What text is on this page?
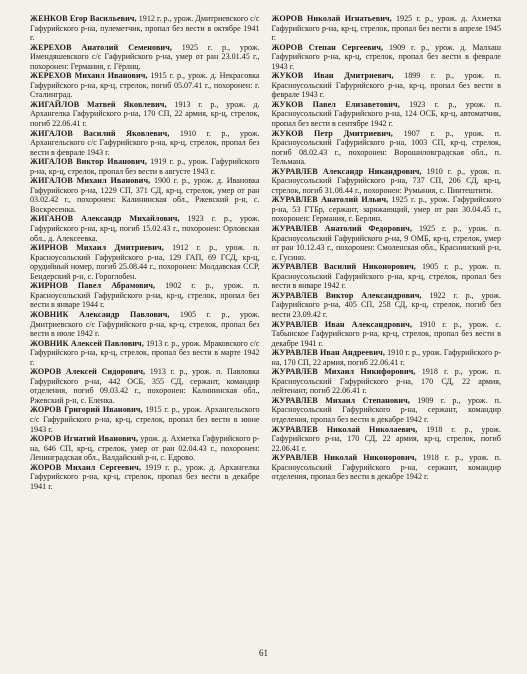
ЖЕНКОВ Егор Васильевич, 1912 г. р., урож. Дмитриевского с/с Гафурийского р-на, пулеметчик, пропал без вести в октябре 1941 г.

ЖЕРЕХОВ Анатолий Семенович, 1925 г. р., урож. Имендяшевского с/с Гафурийского р-на, умер от ран 23.01.45 г., похоронен: Германия, г. Гёрлиц.

ЖЕРЕХОВ Михаил Иванович, 1915 г. р., урож. д. Некрасовка Гафурийского р-на, кр-ц, стрелок, погиб 05.07.41 г., похоронен: г. Сталинград.

ЖИГАЙЛОВ Матвей Яковлевич, 1913 г. р., урож. д. Архангелка Гафурийского р-на, 170 СП, 22 армия, кр-ц, стрелок, погиб 22.06.41 г.

ЖИГАЛОВ Василий Яковлевич, 1910 г. р., урож. Архангельского с/с Гафурийского р-на, кр-ц, стрелок, пропал без вести в феврале 1943 г.

ЖИГАЛОВ Виктор Иванович, 1919 г. р., урож. Гафурийского р-на, кр-ц, стрелок, пропал без вести в августе 1943 г.

ЖИГАЛОВ Михаил Иванович, 1900 г. р., урож. д. Ивановка Гафурийского р-на, 1229 СП, 371 СД, кр-ц, стрелок, умер от ран 03.02.42 г., похоронен: Калининская обл., Ржевский р-н, с. Воскресенка.

ЖИГАНОВ Александр Михайлович, 1923 г. р., урож. Гафурийского р-на, кр-ц, погиб 15.02.43 г., похоронен: Орловская обл., д. Алексеевка.

ЖИРНОВ Михаил Дмитриевич, 1912 г. р., урож. п. Красноусольский Гафурийского р-на, 129 ГАП, 69 ГСД, кр-ц, орудийный номер, погиб 25.08.44 г., похоронен: Молдавская ССР, Бендерский р-н, с. Гороглобен.

ЖИРНОВ Павел Абрамович, 1902 г. р., урож. п. Красноусольский Гафурийского р-на, кр-ц, стрелок, пропал без вести в январе 1944 г.

ЖОВНИК Александр Павлович, 1905 г. р., урож. Дмитриевского с/с Гафурийского р-на, кр-ц, стрелок, пропал без вести в июле 1942 г.

ЖОВНИК Алексей Павлович, 1913 г. р., урож. Мраковского с/с Гафурийского р-на, кр-ц, стрелок, пропал без вести в марте 1942 г.

ЖОРОВ Алексей Сидорович, 1913 г. р., урож. п. Павловка Гафурийского р-на, 442 ОСБ, 355 СД, сержант, командир отделения, погиб 09.03.42 г., похоронен: Калининская обл., Ржевский р-н, с. Еленка.

ЖОРОВ Григорий Иванович, 1915 г. р., урож. Архангельского с/с Гафурийского р-на, кр-ц, стрелок, пропал без вести в июне 1943 г.

ЖОРОВ Игнатий Иванович, урож. д. Ахметка Гафурийского р-на, 646 СП, кр-ц, стрелок, умер от ран 02.04.43 г., похоронен: Ленинградская обл., Валдайский р-н, с. Едрово.

ЖОРОВ Михаил Сергеевич, 1919 г. р., урож. д. Архангелка Гафурийского р-на, кр-ц, стрелок, пропал без вести в декабре 1941 г.

ЖОРОВ Николай Игнатьевич, 1925 г. р., урож. д. Ахметка Гафурийского р-на, кр-ц, стрелок, пропал без вести в апреле 1945 г.

ЖОРОВ Степан Сергеевич, 1909 г. р., урож. д. Малхаш Гафурийского р-на, кр-ц, стрелок, пропал без вести в феврале 1943 г.

ЖУКОВ Иван Дмитриевич, 1899 г. р., урож. п. Красноусольский Гафурийского р-на, кр-ц, пропал без вести в феврале 1943 г.

ЖУКОВ Павел Елизаветович, 1923 г. р., урож. п. Красноусольский Гафурийского р-на, 124 ОСБ, кр-ц, автоматчик, пропал без вести в сентябре 1942 г.

ЖУКОВ Петр Дмитриевич, 1907 г. р., урож. п. Красноусольский Гафурийского р-на, 1003 СП, кр-ц, стрелок, погиб 08.02.43 г., похоронен: Ворошиловградская обл., п. Тельмана.

ЖУРАВЛЕВ Александр Никандрович, 1910 г. р., урож. п. Красноусольский Гафурийского р-на, 737 СП, 206 СД, кр-ц, стрелок, погиб 31.08.44 г., похоронен: Румыния, с. Пинтештити.

ЖУРАВЛЕВ Анатолий Ильич, 1925 г. р., урож. Гафурийского р-на, 53 ГТБр, сержант, заряжающий, умер от ран 30.04.45 г., похоронен: Германия, г. Берлин.

ЖУРАВЛЕВ Анатолий Федорович, 1925 г. р., урож. п. Красноусольский Гафурийского р-на, 9 ОМБ, кр-ц, стрелок, умер от ран 10.12.43 г., похоронен: Смоленская обл., Краснинский р-н, с. Гусино.

ЖУРАВЛЕВ Василий Никонорович, 1905 г. р., урож. п. Красноусольский Гафурийского р-на, кр-ц, стрелок, пропал без вести в январе 1942 г.

ЖУРАВЛЕВ Виктор Александрович, 1922 г. р., урож. Гафурийского р-на, 405 СП, 258 СД, кр-ц, стрелок, погиб без вести 23.09.42 г.

ЖУРАВЛЕВ Иван Александрович, 1910 г. р., урож. с. Табынское Гафурийского р-на, кр-ц, стрелок, пропал без вести в декабре 1941 г.

ЖУРАВЛЕВ Иван Андреевич, 1910 г. р., урож. Гафурийского р-на, 170 СП, 22 армия, погиб 22.06.41 г.

ЖУРАВЛЕВ Михаил Никифорович, 1918 г. р., урож. п. Красноусольский Гафурийского р-на, 170 СД, 22 армия, лейтенант, погиб 22.06.41 г.

ЖУРАВЛЕВ Михаил Степанович, 1909 г. р., урож. п. Красноусольский Гафурийского р-на, сержант, командир отделения, пропал без вести в декабре 1942 г.

ЖУРАВЛЕВ Николай Николаевич, 1918 г. р., урож. Гафурийского р-на, 170 СД, 22 армия, кр-ц, стрелок, погиб 22.06.41 г.

ЖУРАВЛЕВ Николай Никонорович, 1918 г. р., урож. п. Красноусольский Гафурийского р-на, сержант, командир отделения, пропал без вести в декабре 1942 г.

61
